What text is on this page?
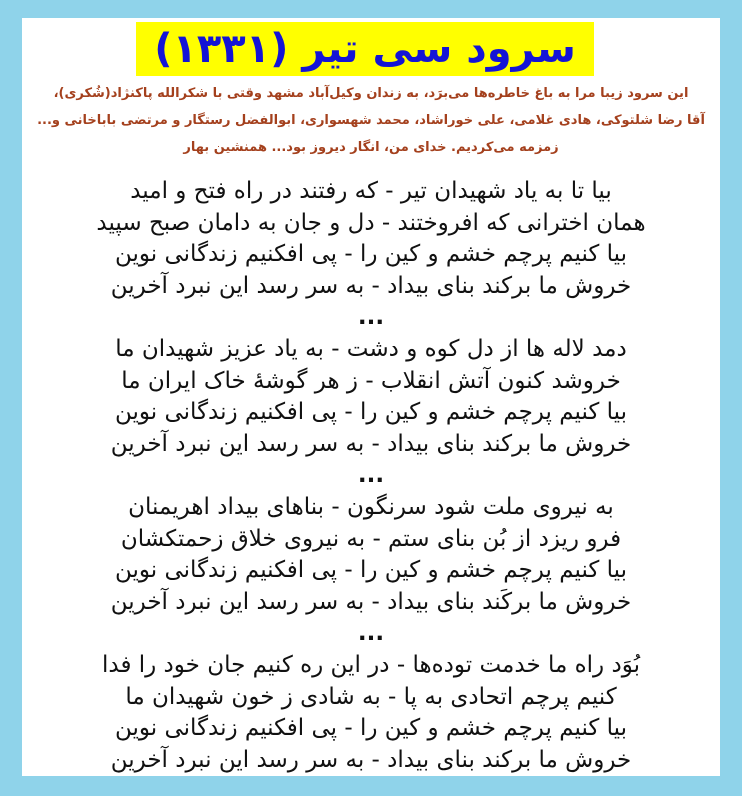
سرود سی تیر (۱۳۳۱)
این سرود زیبا مرا به باغ خاطره‌ها می‌برَد، به زندان وکیل‌آباد مشهد وقتی با شکرالله پاکنژاد(شُکری)،
آقا رضا شلتوکی، هادی غلامی، علی خوراشاد، محمد شهسواری، ابوالفضل رستگار و مرتضی باباخانی و...
زمزمه می‌کردیم. خدای من، انگار دیروز بود... همنشین بهار
بیا تا به یاد شهیدان تیر - که رفتند در راه فتح و امید
همان اخترانی که افروختند - دل و جان به دامان صبح سپید
بیا کنیم پرچم خشم و کین را - پی افکنیم زندگانی نوین
خروش ما برکند بنای بیداد - به سر رسد این نبرد آخرین
...
دمد لاله ها از دل کوه و دشت - به یاد عزیز شهیدان ما
خروشد کنون آتش انقلاب - ز هر گوشهٔ خاک ایران ما
بیا کنیم پرچم خشم و کین را - پی افکنیم زندگانی نوین
خروش ما برکند بنای بیداد - به سر رسد این نبرد آخرین
...
به نیروی ملت شود سرنگون - بناهای بیداد اهریمنان
فرو ریزد از بُن بنای ستم - به نیروی خلاق زحمتکشان
بیا کنیم پرچم خشم و کین را - پی افکنیم زندگانی نوین
خروش ما برکَند بنای بیداد - به سر رسد این نبرد آخرین
...
بُوَد راه ما خدمت توده‌ها - در این ره کنیم جان خود را فدا
کنیم پرچم اتحادی به پا - به شادی ز خون شهیدان ما
بیا کنیم پرچم خشم و کین را - پی افکنیم زندگانی نوین
خروش ما برکند بنای بیداد - به سر رسد این نبرد آخرین
